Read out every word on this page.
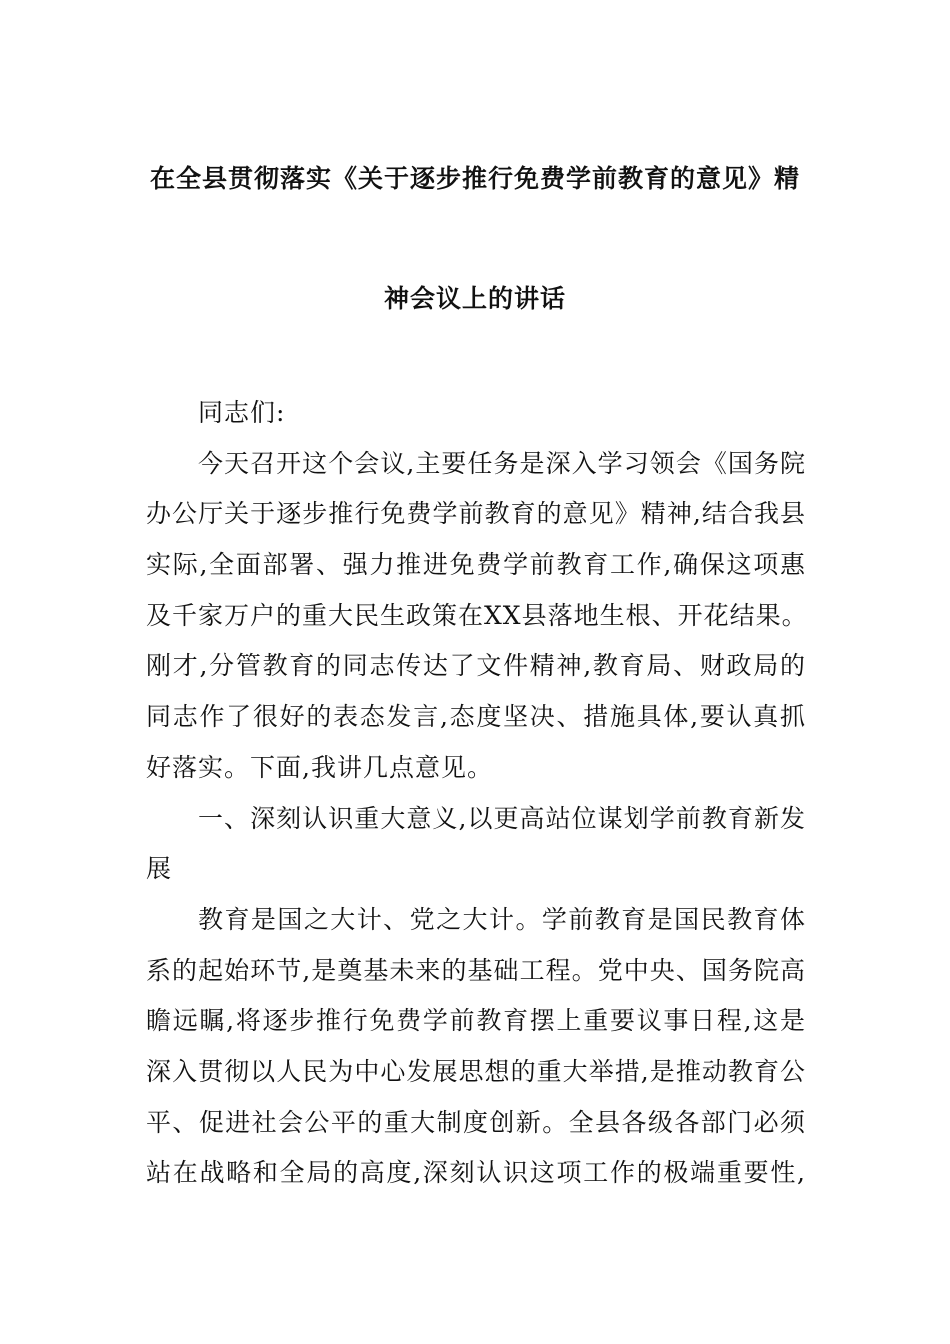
在全县贯彻落实《关于逐步推行免费学前教育的意见》精
神会议上的讲话
同志们:
今天召开这个会议,主要任务是深入学习领会《国务院
办公厅关于逐步推行免费学前教育的意见》精神,结合我县
实际,全面部署、强力推进免费学前教育工作,确保这项惠
及千家万户的重大民生政策在XX县落地生根、开花结果。
刚才,分管教育的同志传达了文件精神,教育局、财政局的
同志作了很好的表态发言,态度坚决、措施具体,要认真抓
好落实。下面,我讲几点意见。
一、深刻认识重大意义,以更高站位谋划学前教育新发
展
教育是国之大计、党之大计。学前教育是国民教育体
系的起始环节,是奠基未来的基础工程。党中央、国务院高
瞻远瞩,将逐步推行免费学前教育摆上重要议事日程,这是
深入贯彻以人民为中心发展思想的重大举措,是推动教育公
平、促进社会公平的重大制度创新。全县各级各部门必须
站在战略和全局的高度,深刻认识这项工作的极端重要性,
